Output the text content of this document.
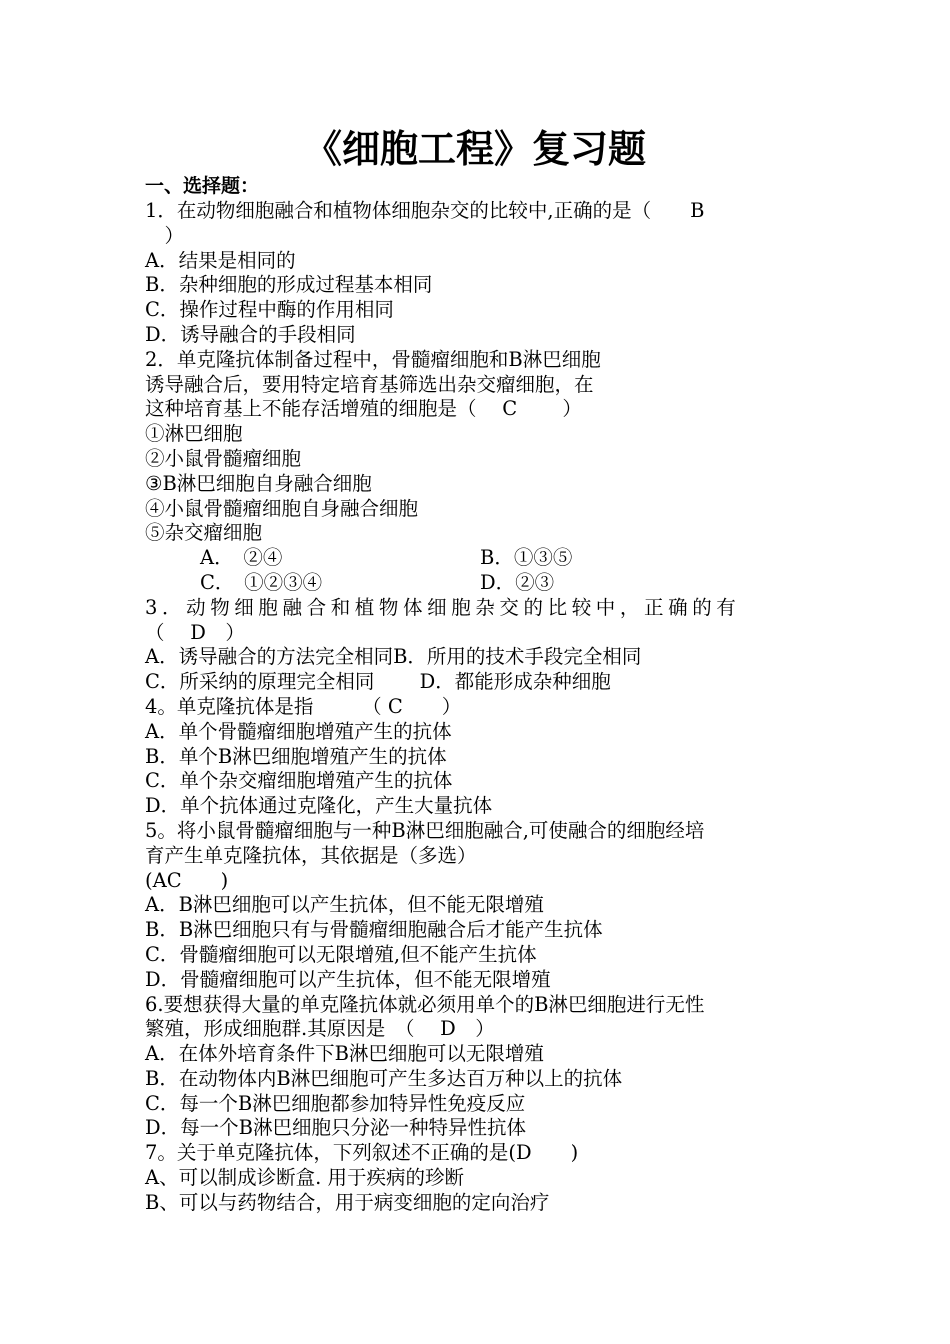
《细胞工程》复习题
一、选择题：
1．在动物细胞融合和植物体细胞杂交的比较中,正确的是（　　B
　）
A．结果是相同的
B．杂种细胞的形成过程基本相同
C．操作过程中酶的作用相同
D．诱导融合的手段相同
2．单克隆抗体制备过程中，骨髓瘤细胞和B淋巴细胞
诱导融合后，要用特定培育基筛选出杂交瘤细胞，在
这种培育基上不能存活增殖的细胞是（　 C　　 ）
①淋巴细胞
②小鼠骨髓瘤细胞
③B淋巴细胞自身融合细胞
④小鼠骨髓瘤细胞自身融合细胞
⑤杂交瘤细胞
A．　②④	B．①③⑤
C．　①②③④	D．②③
3．动物细胞融合和植物体细胞杂交的比较中，正确的有
（　 D　）
A．诱导融合的方法完全相同B．所用的技术手段完全相同
C．所采纳的原理完全相同　　 D．都能形成杂种细胞
4。单克隆抗体是指　　　（ C　　）
A．单个骨髓瘤细胞增殖产生的抗体
B．单个B淋巴细胞增殖产生的抗体
C．单个杂交瘤细胞增殖产生的抗体
D．单个抗体通过克隆化，产生大量抗体
5。将小鼠骨髓瘤细胞与一种B淋巴细胞融合,可使融合的细胞经培
育产生单克隆抗体，其依据是（多选）
(AC　　)
A．B淋巴细胞可以产生抗体，但不能无限增殖
B．B淋巴细胞只有与骨髓瘤细胞融合后才能产生抗体
C．骨髓瘤细胞可以无限增殖,但不能产生抗体
D．骨髓瘤细胞可以产生抗体，但不能无限增殖
6.要想获得大量的单克隆抗体就必须用单个的B淋巴细胞进行无性
繁殖，形成细胞群.其原因是　（　 D　）
A．在体外培育条件下B淋巴细胞可以无限增殖
B．在动物体内B淋巴细胞可产生多达百万种以上的抗体
C．每一个B淋巴细胞都参加特异性免疫反应
D．每一个B淋巴细胞只分泌一种特异性抗体
7。关于单克隆抗体，下列叙述不正确的是(D　　)
A、可以制成诊断盒. 用于疾病的珍断
B、可以与药物结合，用于病变细胞的定向治疗
